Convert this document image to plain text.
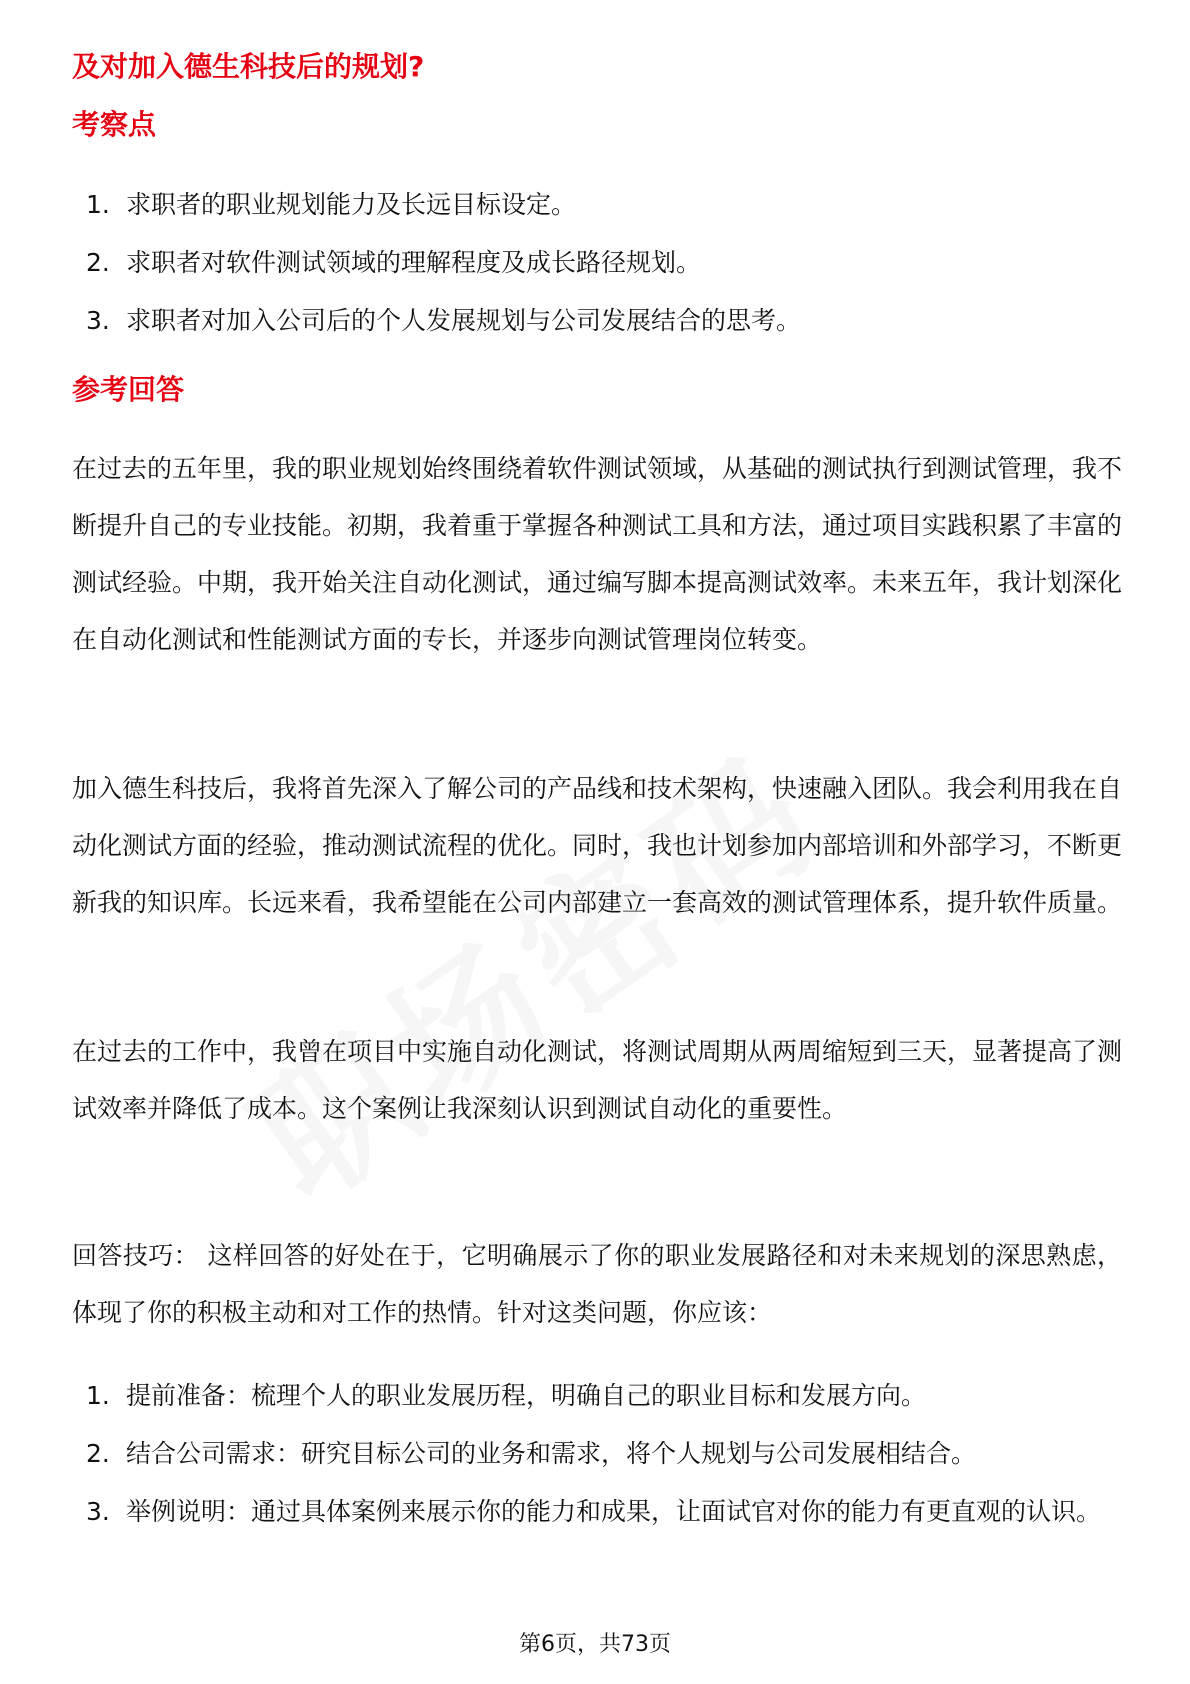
及对加入德生科技后的规划?
考察点
1. 求职者的职业规划能力及长远目标设定。
2. 求职者对软件测试领域的理解程度及成长路径规划。
3. 求职者对加入公司后的个人发展规划与公司发展结合的思考。
参考回答

在过去的五年里，我的职业规划始终围绕着软件测试领域，从基础的测试执行到测试管理，我不断提升自己的专业技能。初期，我着重于掌握各种测试工具和方法，通过项目实践积累了丰富的测试经验。中期，我开始关注自动化测试，通过编写脚本提高测试效率。未来五年，我计划深化在自动化测试和性能测试方面的专长，并逐步向测试管理岗位转变。

加入德生科技后，我将首先深入了解公司的产品线和技术架构，快速融入团队。我会利用我在自动化测试方面的经验，推动测试流程的优化。同时，我也计划参加内部培训和外部学习，不断更新我的知识库。长远来看，我希望能在公司内部建立一套高效的测试管理体系，提升软件质量。

在过去的工作中，我曾在项目中实施自动化测试，将测试周期从两周缩短到三天，显著提高了测试效率并降低了成本。这个案例让我深刻认识到测试自动化的重要性。

回答技巧： 这样回答的好处在于，它明确展示了你的职业发展路径和对未来规划的深思熟虑，体现了你的积极主动和对工作的热情。针对这类问题，你应该：

1. 提前准备：梳理个人的职业发展历程，明确自己的职业目标和发展方向。
2. 结合公司需求：研究目标公司的业务和需求，将个人规划与公司发展相结合。
3. 举例说明：通过具体案例来展示你的能力和成果，让面试官对你的能力有更直观的认识。

第6页，共73页
